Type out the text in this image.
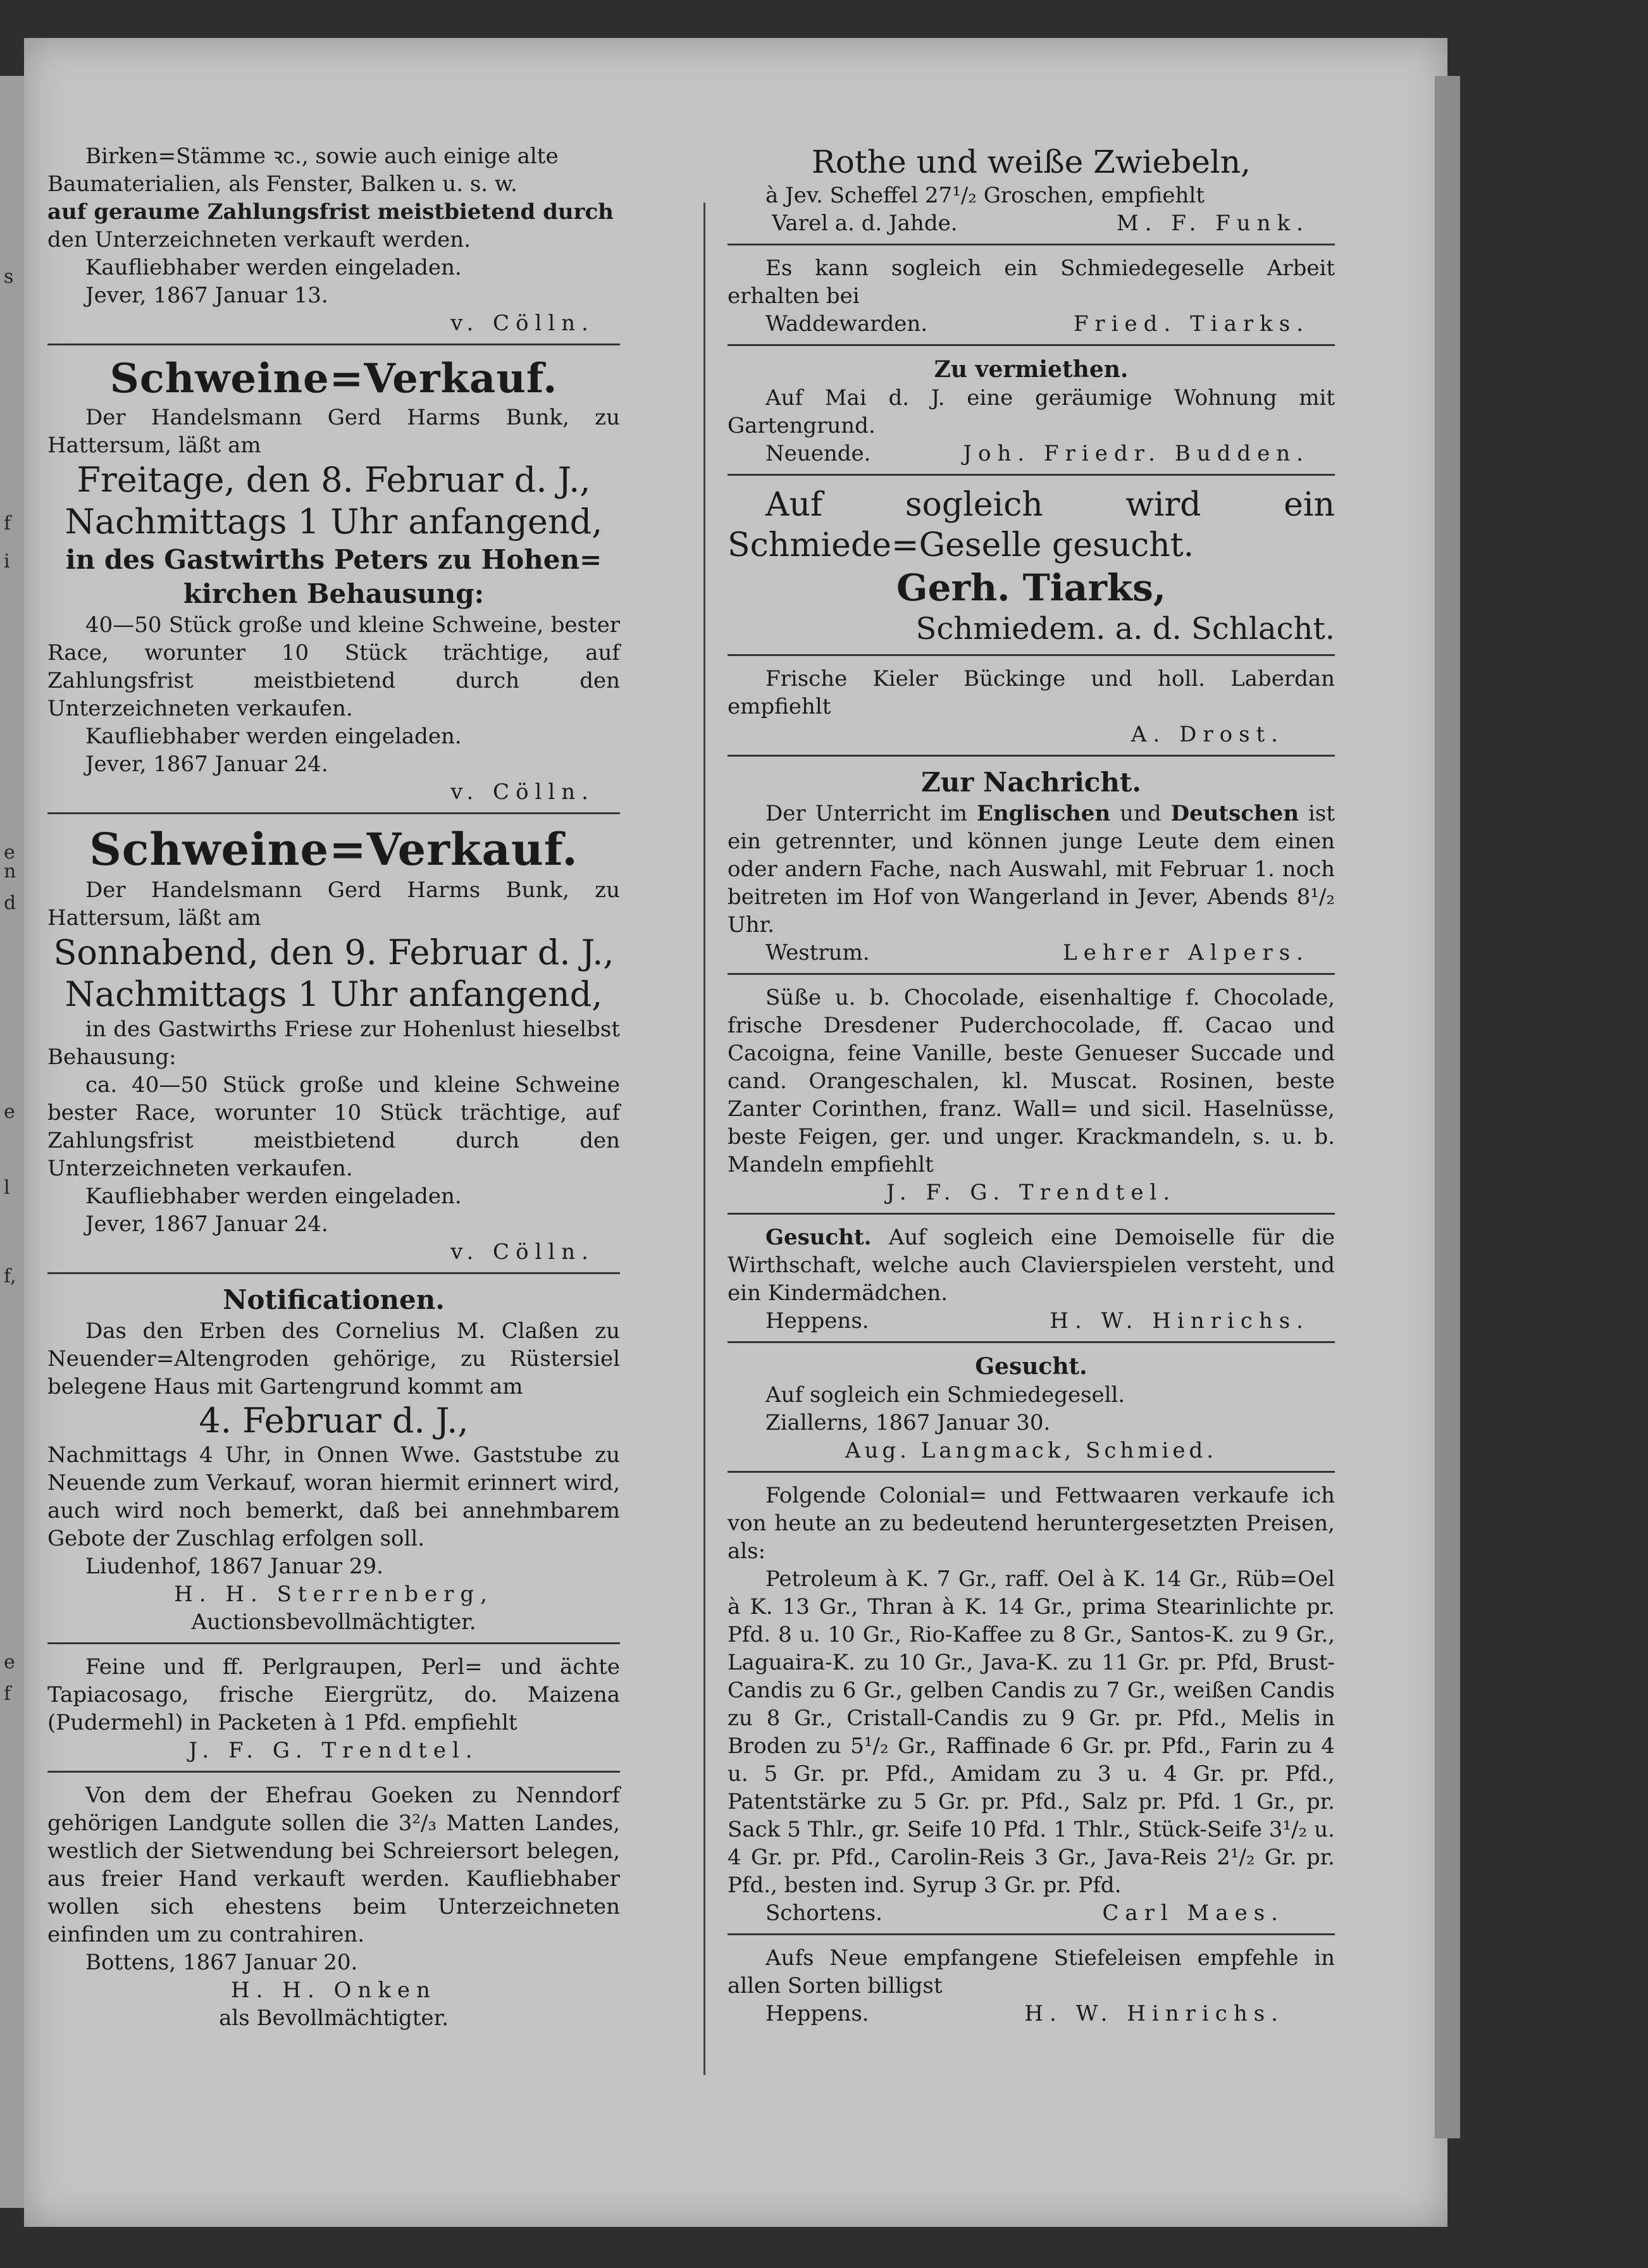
s
f
i
e
n
d
e
l
f,
e
f

Birken=Stämme ꝛc., sowie auch einige alte

Baumaterialien, als Fenster, Balken u. s. w.

auf geraume Zahlungsfrist meistbietend durch

den Unterzeichneten verkauft werden.

Kaufliebhaber werden eingeladen.

Jever, 1867 Januar 13.

v. Cölln.

Schweine=Verkauf.

Der Handelsmann Gerd Harms Bunk, zu Hattersum, läßt am

Freitage, den 8. Februar d. J.,

Nachmittags 1 Uhr anfangend,

in des Gastwirths Peters zu Hohen=

kirchen Behausung:

40—50 Stück große und kleine Schweine, bester Race, worunter 10 Stück trächtige, auf Zahlungsfrist meistbietend durch den Unterzeichneten verkaufen.

Kaufliebhaber werden eingeladen.

Jever, 1867 Januar 24.

v. Cölln.

Schweine=Verkauf.

Der Handelsmann Gerd Harms Bunk, zu Hattersum, läßt am

Sonnabend, den 9. Februar d. J.,

Nachmittags 1 Uhr anfangend,

in des Gastwirths Friese zur Hohenlust hieselbst Behausung:

ca. 40—50 Stück große und kleine Schweine bester Race, worunter 10 Stück trächtige, auf Zahlungsfrist meistbietend durch den Unterzeichneten verkaufen.

Kaufliebhaber werden eingeladen.

Jever, 1867 Januar 24.

v. Cölln.

Notificationen.

Das den Erben des Cornelius M. Claßen zu Neuender=Altengroden gehörige, zu Rüstersiel belegene Haus mit Gartengrund kommt am

4. Februar d. J.,

Nachmittags 4 Uhr, in Onnen Wwe. Gaststube zu Neuende zum Verkauf, woran hiermit erinnert wird, auch wird noch bemerkt, daß bei annehmbarem Gebote der Zuschlag erfolgen soll.

Liudenhof, 1867 Januar 29.

H. H. Sterrenberg,

Auctionsbevollmächtigter.

Feine und ff. Perlgraupen, Perl= und ächte Tapiacosago, frische Eiergrütz, do. Maizena (Pudermehl) in Packeten à 1 Pfd. empfiehlt

J. F. G. Trendtel.

Von dem der Ehefrau Goeken zu Nenndorf gehörigen Landgute sollen die 3²/₃ Matten Landes, westlich der Sietwendung bei Schreiersort belegen, aus freier Hand verkauft werden. Kaufliebhaber wollen sich ehestens beim Unterzeichneten einfinden um zu contrahiren.

Bottens, 1867 Januar 20.

H. H. Onken

als Bevollmächtigter.

Rothe und weiße Zwiebeln,

à Jev. Scheffel 27¹/₂ Groschen, empfiehlt

Varel a. d. Jahde.	M. F. Funk.

Es kann sogleich ein Schmiedegeselle Arbeit erhalten bei

Waddewarden.	Fried. Tiarks.

Zu vermiethen.

Auf Mai d. J. eine geräumige Wohnung mit Gartengrund.

Neuende.	Joh. Friedr. Budden.

Auf sogleich wird ein Schmiede=Geselle gesucht.

Gerh. Tiarks,

Schmiedem. a. d. Schlacht.

Frische Kieler Bückinge und holl. Laberdan empfiehlt

A. Drost.

Zur Nachricht.

Der Unterricht im Englischen und Deutschen ist ein getrennter, und können junge Leute dem einen oder andern Fache, nach Auswahl, mit Februar 1. noch beitreten im Hof von Wangerland in Jever, Abends 8¹/₂ Uhr.

Westrum.	Lehrer Alpers.

Süße u. b. Chocolade, eisenhaltige f. Chocolade, frische Dresdener Puderchocolade, ff. Cacao und Cacoigna, feine Vanille, beste Genueser Succade und cand. Orangeschalen, kl. Muscat. Rosinen, beste Zanter Corinthen, franz. Wall= und sicil. Haselnüsse, beste Feigen, ger. und unger. Krackmandeln, s. u. b. Mandeln empfiehlt

J. F. G. Trendtel.

Gesucht. Auf sogleich eine Demoiselle für die Wirthschaft, welche auch Clavierspielen versteht, und ein Kindermädchen.

Heppens.	H. W. Hinrichs.

Gesucht.

Auf sogleich ein Schmiedegesell.

Ziallerns, 1867 Januar 30.

Aug. Langmack, Schmied.

Folgende Colonial= und Fettwaaren verkaufe ich von heute an zu bedeutend heruntergesetzten Preisen, als:

Petroleum à K. 7 Gr., raff. Oel à K. 14 Gr., Rüb=Oel à K. 13 Gr., Thran à K. 14 Gr., prima Stearinlichte pr. Pfd. 8 u. 10 Gr., Rio-Kaffee zu 8 Gr., Santos-K. zu 9 Gr., Laguaira-K. zu 10 Gr., Java-K. zu 11 Gr. pr. Pfd, Brust-Candis zu 6 Gr., gelben Candis zu 7 Gr., weißen Candis zu 8 Gr., Cristall-Candis zu 9 Gr. pr. Pfd., Melis in Broden zu 5¹/₂ Gr., Raffinade 6 Gr. pr. Pfd., Farin zu 4 u. 5 Gr. pr. Pfd., Amidam zu 3 u. 4 Gr. pr. Pfd., Patentstärke zu 5 Gr. pr. Pfd., Salz pr. Pfd. 1 Gr., pr. Sack 5 Thlr., gr. Seife 10 Pfd. 1 Thlr., Stück-Seife 3¹/₂ u. 4 Gr. pr. Pfd., Carolin-Reis 3 Gr., Java-Reis 2¹/₂ Gr. pr. Pfd., besten ind. Syrup 3 Gr. pr. Pfd.

Schortens.	Carl Maes.

Aufs Neue empfangene Stiefeleisen empfehle in allen Sorten billigst

Heppens.	H. W. Hinrichs.
